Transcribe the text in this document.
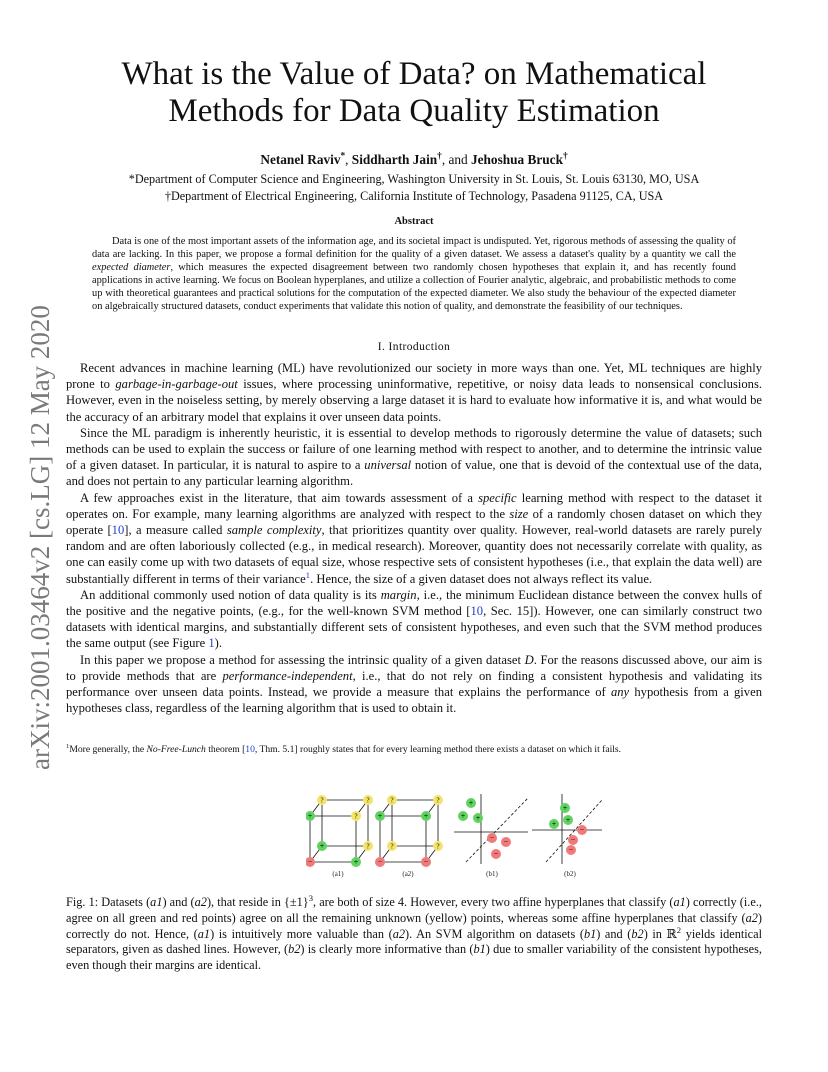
arXiv:2001.03464v2 [cs.LG] 12 May 2020
What is the Value of Data? on Mathematical Methods for Data Quality Estimation
Netanel Raviv*, Siddharth Jain†, and Jehoshua Bruck†
*Department of Computer Science and Engineering, Washington University in St. Louis, St. Louis 63130, MO, USA
†Department of Electrical Engineering, California Institute of Technology, Pasadena 91125, CA, USA
Abstract

Data is one of the most important assets of the information age, and its societal impact is undisputed. Yet, rigorous methods of assessing the quality of data are lacking. In this paper, we propose a formal definition for the quality of a given dataset. We assess a dataset's quality by a quantity we call the expected diameter, which measures the expected disagreement between two randomly chosen hypotheses that explain it, and has recently found applications in active learning. We focus on Boolean hyperplanes, and utilize a collection of Fourier analytic, algebraic, and probabilistic methods to come up with theoretical guarantees and practical solutions for the computation of the expected diameter. We also study the behaviour of the expected diameter on algebraically structured datasets, conduct experiments that validate this notion of quality, and demonstrate the feasibility of our techniques.

I. Introduction

Recent advances in machine learning (ML) have revolutionized our society in more ways than one. Yet, ML techniques are highly prone to garbage-in-garbage-out issues, where processing uninformative, repetitive, or noisy data leads to nonsensical conclusions. However, even in the noiseless setting, by merely observing a large dataset it is hard to evaluate how informative it is, and what would be the accuracy of an arbitrary model that explains it over unseen data points.

Since the ML paradigm is inherently heuristic, it is essential to develop methods to rigorously determine the value of datasets; such methods can be used to explain the success or failure of one learning method with respect to another, and to determine the intrinsic value of a given dataset. In particular, it is natural to aspire to a universal notion of value, one that is devoid of the contextual use of the data, and does not pertain to any particular learning algorithm.

A few approaches exist in the literature, that aim towards assessment of a specific learning method with respect to the dataset it operates on. For example, many learning algorithms are analyzed with respect to the size of a randomly chosen dataset on which they operate [10], a measure called sample complexity, that prioritizes quantity over quality. However, real-world datasets are rarely purely random and are often laboriously collected (e.g., in medical research). Moreover, quantity does not necessarily correlate with quality, as one can easily come up with two datasets of equal size, whose respective sets of consistent hypotheses (i.e., that explain the data well) are substantially different in terms of their variance$^1$. Hence, the size of a given dataset does not always reflect its value.

An additional commonly used notion of data quality is its margin, i.e., the minimum Euclidean distance between the convex hulls of the positive and the negative points, (e.g., for the well-known SVM method [10, Sec. 15]). However, one can similarly construct two datasets with identical margins, and substantially different sets of consistent hypotheses, and even such that the SVM method produces the same output (see Figure 1).

In this paper we propose a method for assessing the intrinsic quality of a given dataset D. For the reasons discussed above, our aim is to provide methods that are performance-independent, i.e., that do not rely on finding a consistent hypothesis and validating its performance over unseen data points. Instead, we provide a measure that explains the performance of any hypothesis from a given hypotheses class, regardless of the learning algorithm that is used to obtain it.

$^1$More generally, the No-Free-Lunch theorem [10, Thm. 5.1] roughly states that for every learning method there exists a dataset on which it fails.
+
−	+
+
?	?
?
?
+
−	−
?	?
+
?	?
+ +
+
− −
−
+
+ +
−
−
−
(a1)	(a2)	(b1)	(b2)

Fig. 1: Datasets (a1) and (a2), that reside in $\{\pm 1\}^3$, are both of size 4. However, every two affine hyperplanes that classify (a1) correctly (i.e., agree on all green and red points) agree on all the remaining unknown (yellow) points, whereas some affine hyperplanes that classify (a2) correctly do not. Hence, (a1) is intuitively more valuable than (a2). An SVM algorithm on datasets (b1) and (b2) in ℝ$^2$ yields identical separators, given as dashed lines. However, (b2) is clearly more informative than (b1) due to smaller variability of the consistent hypotheses, even though their margins are identical.
